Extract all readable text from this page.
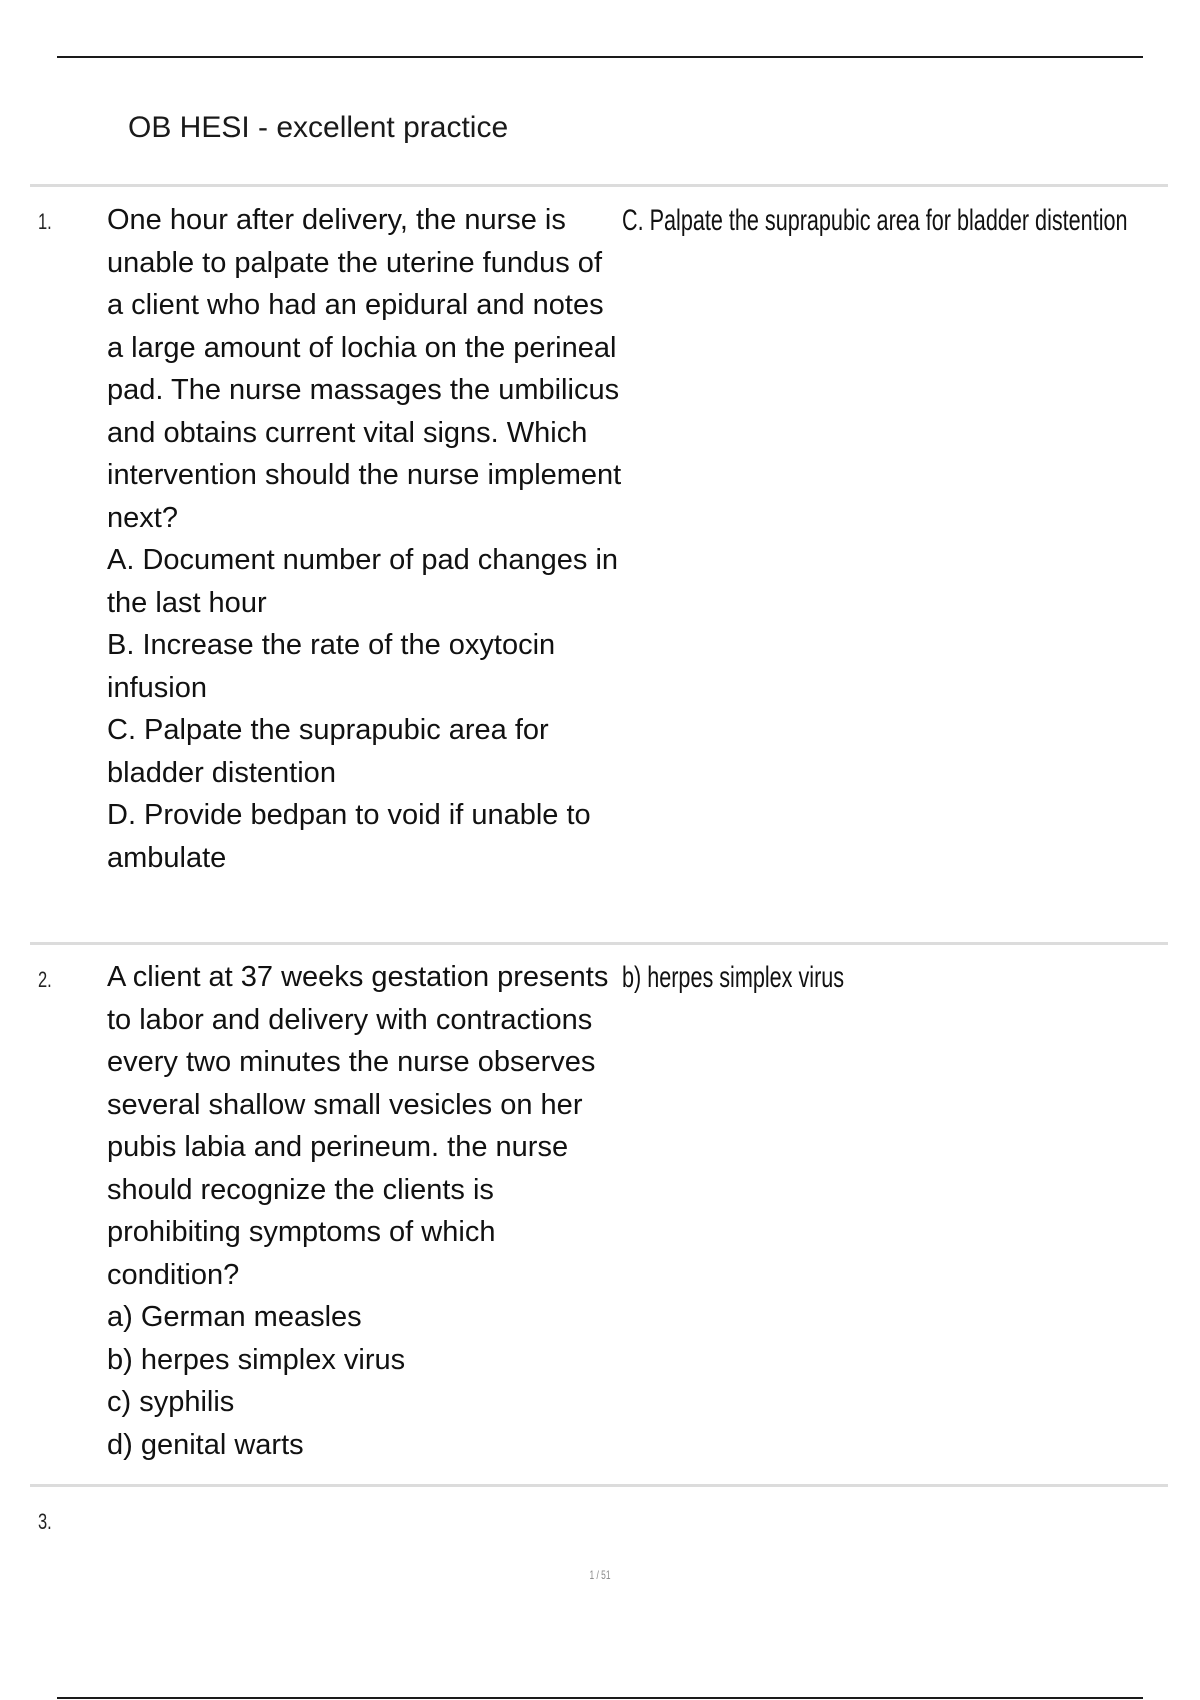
OB HESI - excellent practice
1. One hour after delivery, the nurse is unable to palpate the uterine fundus of a client who had an epidural and notes a large amount of lochia on the perineal pad. The nurse massages the umbilicus and obtains current vital signs. Which intervention should the nurse implement next?

A. Document number of pad changes in the last hour
B. Increase the rate of the oxytocin infusion
C. Palpate the suprapubic area for bladder distention
D. Provide bedpan to void if unable to ambulate
C. Palpate the suprapubic area for bladder distention
2. A client at 37 weeks gestation presents to labor and delivery with contractions every two minutes the nurse observes several shallow small vesicles on her pubis labia and perineum. the nurse should recognize the clients is prohibiting symptoms of which condition?

a) German measles
b) herpes simplex virus
c) syphilis
d) genital warts
b) herpes simplex virus
3.
1 / 51
